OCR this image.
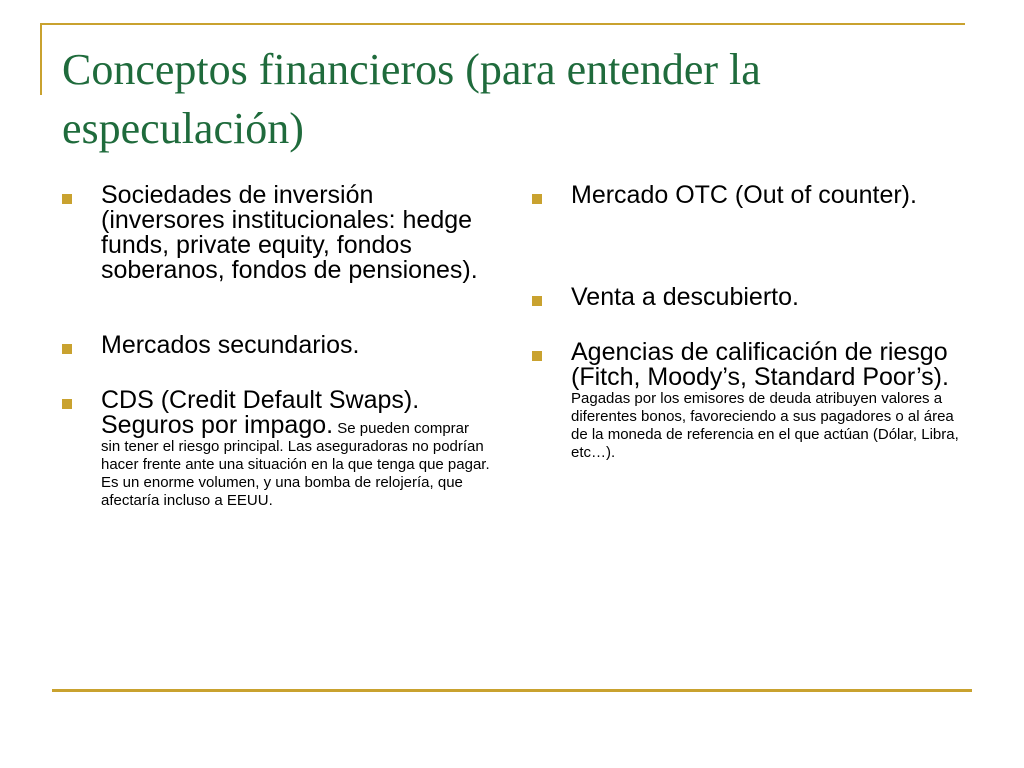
Conceptos financieros (para entender la especulación)
Sociedades de inversión (inversores institucionales: hedge funds, private equity, fondos soberanos, fondos de pensiones).
Mercados secundarios.
CDS (Credit Default Swaps). Seguros por impago. Se pueden comprar sin tener el riesgo principal. Las aseguradoras no podrían hacer frente ante una situación en la que tenga que pagar. Es un enorme volumen, y una bomba de relojería, que afectaría incluso a EEUU.
Mercado OTC (Out of counter).
Venta a descubierto.
Agencias de calificación de riesgo (Fitch, Moody’s, Standard Poor’s). Pagadas por los emisores de deuda atribuyen valores a diferentes bonos, favoreciendo a sus pagadores o al área de la moneda de referencia en el que actúan (Dólar, Libra, etc…).
